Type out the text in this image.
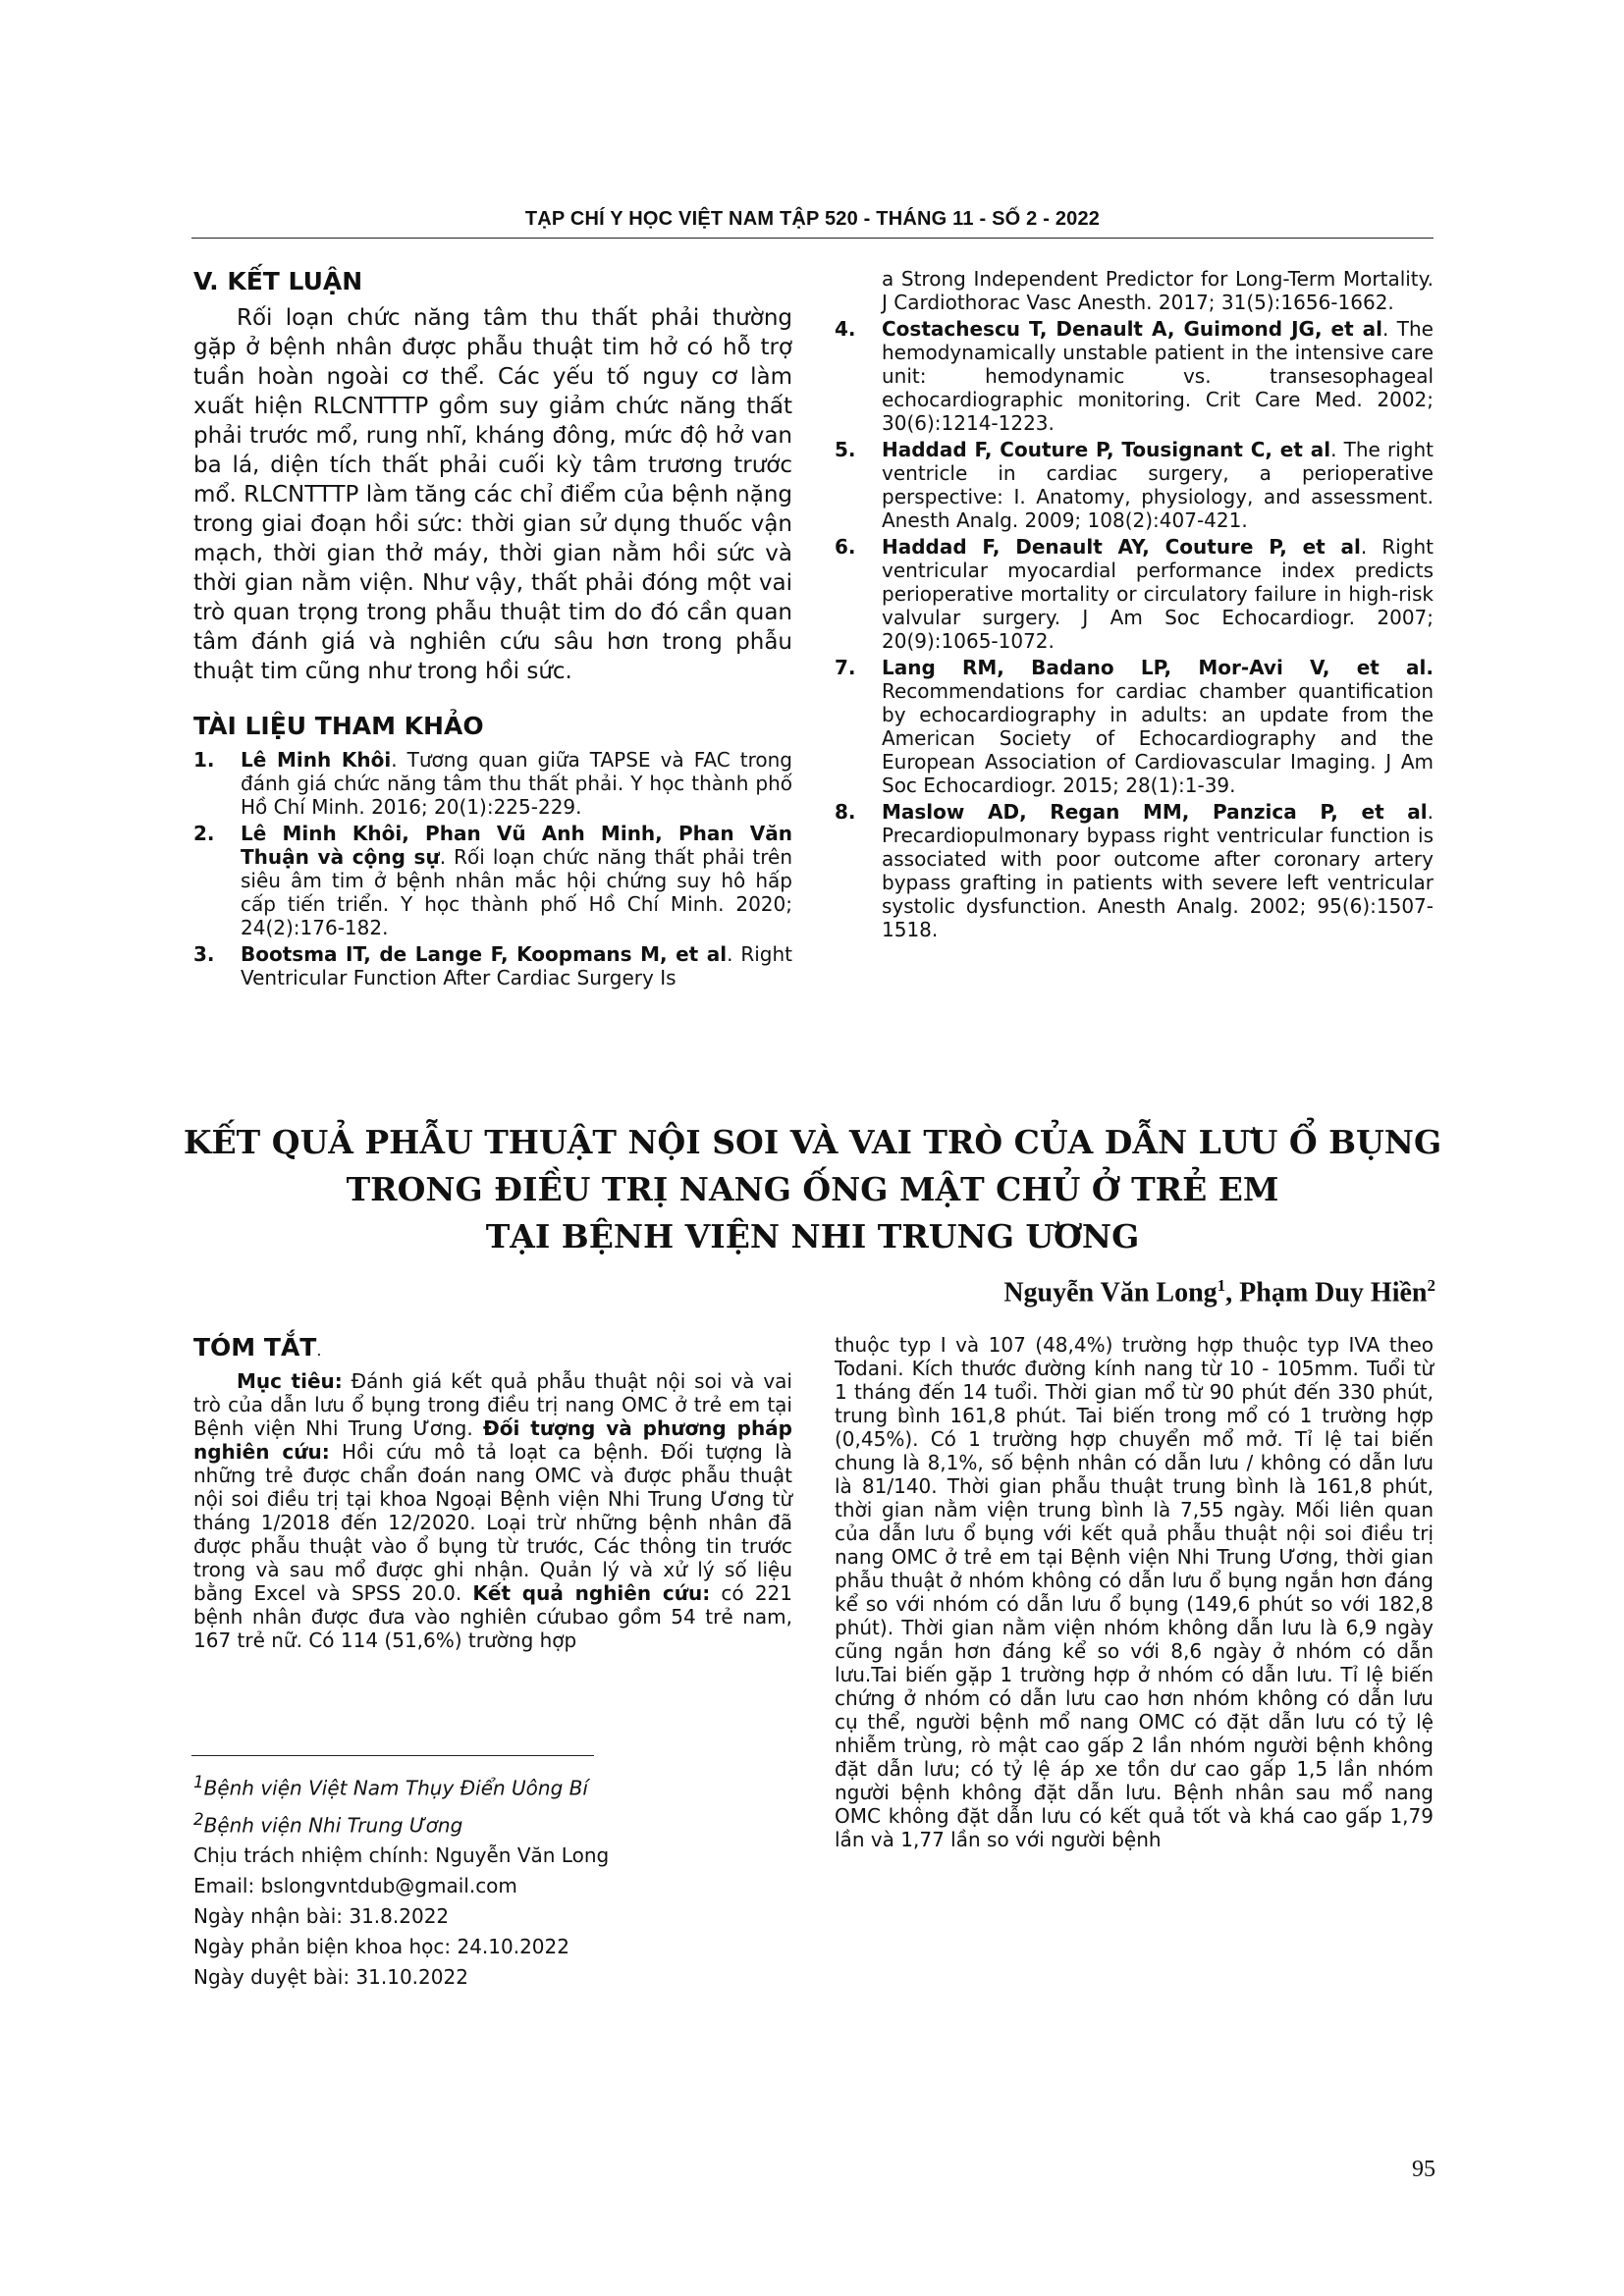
TẠP CHÍ Y HỌC VIỆT NAM TẬP 520 - THÁNG 11 - SỐ 2 - 2022
V. KẾT LUẬN

Rối loạn chức năng tâm thu thất phải thường gặp ở bệnh nhân được phẫu thuật tim hở có hỗ trợ tuần hoàn ngoài cơ thể. Các yếu tố nguy cơ làm xuất hiện RLCNTTTP gồm suy giảm chức năng thất phải trước mổ, rung nhĩ, kháng đông, mức độ hở van ba lá, diện tích thất phải cuối kỳ tâm trương trước mổ. RLCNTTTP làm tăng các chỉ điểm của bệnh nặng trong giai đoạn hồi sức: thời gian sử dụng thuốc vận mạch, thời gian thở máy, thời gian nằm hồi sức và thời gian nằm viện. Như vậy, thất phải đóng một vai trò quan trọng trong phẫu thuật tim do đó cần quan tâm đánh giá và nghiên cứu sâu hơn trong phẫu thuật tim cũng như trong hồi sức.

TÀI LIỆU THAM KHẢO
1.	Lê Minh Khôi. Tương quan giữa TAPSE và FAC trong đánh giá chức năng tâm thu thất phải. Y học thành phố Hồ Chí Minh. 2016; 20(1):225-229.
2.	Lê Minh Khôi, Phan Vũ Anh Minh, Phan Văn Thuận và cộng sự. Rối loạn chức năng thất phải trên siêu âm tim ở bệnh nhân mắc hội chứng suy hô hấp cấp tiến triển. Y học thành phố Hồ Chí Minh. 2020; 24(2):176-182.
3.	Bootsma IT, de Lange F, Koopmans M, et al. Right Ventricular Function After Cardiac Surgery Is
a Strong Independent Predictor for Long-Term Mortality. J Cardiothorac Vasc Anesth. 2017; 31(5):1656-1662.
4.	Costachescu T, Denault A, Guimond JG, et al. The hemodynamically unstable patient in the intensive care unit: hemodynamic vs. transesophageal echocardiographic monitoring. Crit Care Med. 2002; 30(6):1214-1223.
5.	Haddad F, Couture P, Tousignant C, et al. The right ventricle in cardiac surgery, a perioperative perspective: I. Anatomy, physiology, and assessment. Anesth Analg. 2009; 108(2):407-421.
6.	Haddad F, Denault AY, Couture P, et al. Right ventricular myocardial performance index predicts perioperative mortality or circulatory failure in high-risk valvular surgery. J Am Soc Echocardiogr. 2007; 20(9):1065-1072.
7.	Lang RM, Badano LP, Mor-Avi V, et al. Recommendations for cardiac chamber quantification by echocardiography in adults: an update from the American Society of Echocardiography and the European Association of Cardiovascular Imaging. J Am Soc Echocardiogr. 2015; 28(1):1-39.
8.	Maslow AD, Regan MM, Panzica P, et al. Precardiopulmonary bypass right ventricular function is associated with poor outcome after coronary artery bypass grafting in patients with severe left ventricular systolic dysfunction. Anesth Analg. 2002; 95(6):1507-1518.
KẾT QUẢ PHẪU THUẬT NỘI SOI VÀ VAI TRÒ CỦA DẪN LƯU Ổ BỤNG
TRONG ĐIỀU TRỊ NANG ỐNG MẬT CHỦ Ở TRẺ EM
TẠI BỆNH VIỆN NHI TRUNG ƯƠNG
Nguyễn Văn Long$^1$, Phạm Duy Hiền$^2$
TÓM TẮT.

Mục tiêu: Đánh giá kết quả phẫu thuật nội soi và vai trò của dẫn lưu ổ bụng trong điều trị nang OMC ở trẻ em tại Bệnh viện Nhi Trung Ương. Đối tượng và phương pháp nghiên cứu: Hồi cứu mô tả loạt ca bệnh. Đối tượng là những trẻ được chẩn đoán nang OMC và được phẫu thuật nội soi điều trị tại khoa Ngoại Bệnh viện Nhi Trung Ương từ tháng 1/2018 đến 12/2020. Loại trừ những bệnh nhân đã được phẫu thuật vào ổ bụng từ trước, Các thông tin trước trong và sau mổ được ghi nhận. Quản lý và xử lý số liệu bằng Excel và SPSS 20.0. Kết quả nghiên cứu: có 221 bệnh nhân được đưa vào nghiên cứubao gồm 54 trẻ nam, 167 trẻ nữ. Có 114 (51,6%) trường hợp

thuộc typ I và 107 (48,4%) trường hợp thuộc typ IVA theo Todani. Kích thước đường kính nang từ 10 - 105mm. Tuổi từ 1 tháng đến 14 tuổi. Thời gian mổ từ 90 phút đến 330 phút, trung bình 161,8 phút. Tai biến trong mổ có 1 trường hợp (0,45%). Có 1 trường hợp chuyển mổ mở. Tỉ lệ tai biến chung là 8,1%, số bệnh nhân có dẫn lưu / không có dẫn lưu là 81/140. Thời gian phẫu thuật trung bình là 161,8 phút, thời gian nằm viện trung bình là 7,55 ngày. Mối liên quan của dẫn lưu ổ bụng với kết quả phẫu thuật nội soi điều trị nang OMC ở trẻ em tại Bệnh viện Nhi Trung Ương, thời gian phẫu thuật ở nhóm không có dẫn lưu ổ bụng ngắn hơn đáng kể so với nhóm có dẫn lưu ổ bụng (149,6 phút so với 182,8 phút). Thời gian nằm viện nhóm không dẫn lưu là 6,9 ngày cũng ngắn hơn đáng kể so với 8,6 ngày ở nhóm có dẫn lưu.Tai biến gặp 1 trường hợp ở nhóm có dẫn lưu. Tỉ lệ biến chứng ở nhóm có dẫn lưu cao hơn nhóm không có dẫn lưu cụ thể, người bệnh mổ nang OMC có đặt dẫn lưu có tỷ lệ nhiễm trùng, rò mật cao gấp 2 lần nhóm người bệnh không đặt dẫn lưu; có tỷ lệ áp xe tồn dư cao gấp 1,5 lần nhóm người bệnh không đặt dẫn lưu. Bệnh nhân sau mổ nang OMC không đặt dẫn lưu có kết quả tốt và khá cao gấp 1,79 lần và 1,77 lần so với người bệnh

$^1$Bệnh viện Việt Nam Thụy Điển Uông Bí
$^2$Bệnh viện Nhi Trung Ương
Chịu trách nhiệm chính: Nguyễn Văn Long
Email: bslongvntdub@gmail.com
Ngày nhận bài: 31.8.2022
Ngày phản biện khoa học: 24.10.2022
Ngày duyệt bài: 31.10.2022
95
